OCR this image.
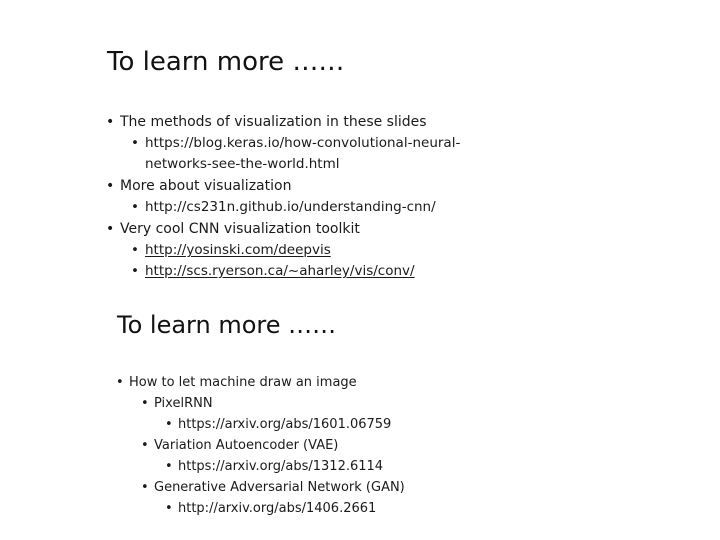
To learn more ……
• The methods of visualization in these slides
• https://blog.keras.io/how-convolutional-neural-
networks-see-the-world.html
• More about visualization
• http://cs231n.github.io/understanding-cnn/
• Very cool CNN visualization toolkit
• http://yosinski.com/deepvis
• http://scs.ryerson.ca/~aharley/vis/conv/
To learn more ……
• How to let machine draw an image
• PixelRNN
• https://arxiv.org/abs/1601.06759
• Variation Autoencoder (VAE)
• https://arxiv.org/abs/1312.6114
• Generative Adversarial Network (GAN)
• http://arxiv.org/abs/1406.2661
